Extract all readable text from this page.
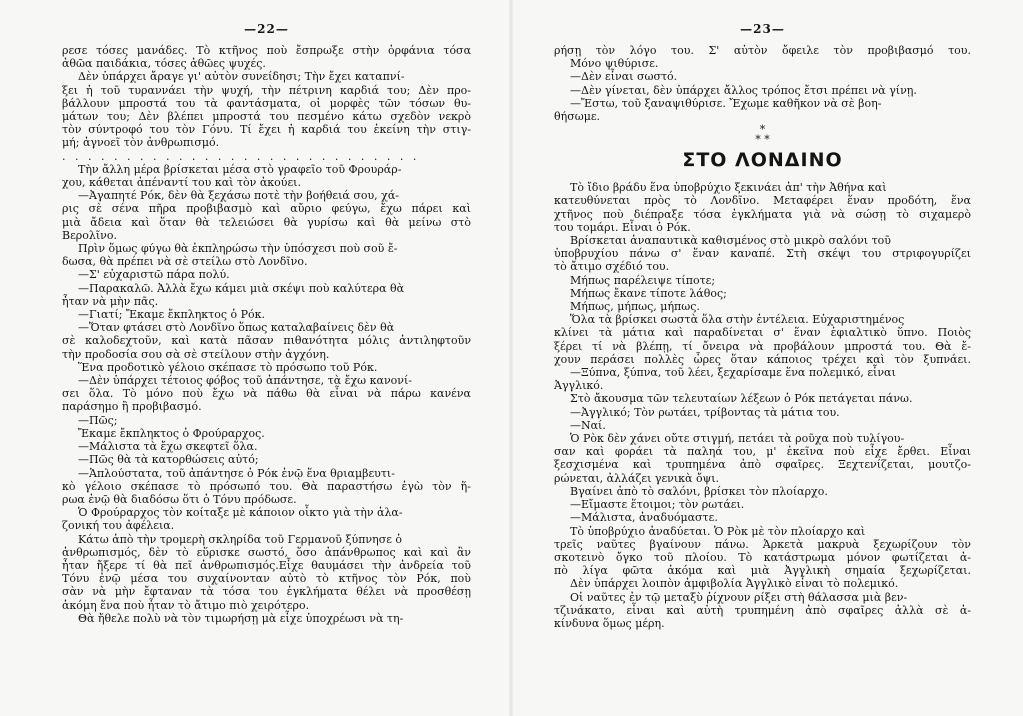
—22—
ρεσε τόσες μανάδες. Τὸ κτῆνος ποὺ ἔσπρωξε στὴν ὀρφάνια τόσα
ἀθῶα παιδάκια, τόσες ἀθῶες ψυχές.
Δὲν ὑπάρχει ἄραγε γι' αὐτὸν συνείδησι; Τὴν ἔχει καταπνί-
ξει ἡ τοῦ τυραννάει τὴν ψυχή, τὴν πέτρινη καρδιά του; Δὲν προ-
βάλλουν μπροστά του τὰ φαντάσματα, οἱ μορφὲς τῶν τόσων θυ-
μάτων του; Δὲν βλέπει μπροστά του πεσμένο κάτω σχεδὸν νεκρὸ
τὸν σύντροφό του τὸν Γόνυ. Τί ἔχει ἡ καρδιά του ἐκείνη τὴν στιγ-
μή; ἀγνοεῖ τὸν ἀνθρωπισμό.
. . . . . . . . . . . . . . . . . . . . . . . . . . . .
Τὴν ἄλλη μέρα βρίσκεται μέσα στὸ γραφεῖο τοῦ Φρουράρ-
χου, κάθεται ἀπέναντί του καὶ τὸν ἀκούει.
—Ἀγαπητέ Ρόκ, δὲν θὰ ξεχάσω ποτὲ τὴν βοήθειά σου, χά-
ρις σὲ σένα πῆρα προβιβασμὸ καὶ αὔριο φεύγω, ἔχω πάρει καὶ
μιὰ ἄδεια καὶ ὅταν θὰ τελειώσει θὰ γυρίσω καὶ θὰ μείνω στὸ
Βερολῖνο.
Πρὶν ὅμως φύγω θὰ ἐκπληρώσω τὴν ὑπόσχεσι ποὺ σοῦ ἔ-
δωσα, θὰ πρέπει νὰ σὲ στείλω στὸ Λονδῖνο.
—Σ' εὐχαριστῶ πάρα πολύ.
—Παρακαλῶ. Ἀλλὰ ἔχω κάμει μιὰ σκέψι ποὺ καλύτερα θὰ
ἦταν νὰ μὴν πᾶς.
—Γιατί; Ἔκαμε ἔκπληκτος ὁ Ρόκ.
—Ὅταν φτάσει στὸ Λονδῖνο ὅπως καταλαβαίνεις δὲν θὰ
σὲ καλοδεχτοῦν, καὶ κατὰ πᾶσαν πιθανότητα μόλις ἀντιληφτοῦν
τὴν προδοσία σου σὰ σὲ στείλουν στὴν ἀγχόνη.
Ἕνα προδοτικὸ γέλοιο σκέπασε τὸ πρόσωπο τοῦ Ρόκ.
—Δὲν ὑπάρχει τέτοιος φόβος τοῦ ἀπάντησε, τὰ ἔχω κανονί-
σει ὅλα. Τὸ μόνο ποὺ ἔχω νὰ πάθω θὰ εἶναι νὰ πάρω κανένα
παράσημο ἢ προβιβασμό.
—Πῶς;
Ἔκαμε ἔκπληκτος ὁ Φρούραρχος.
—Μάλιστα τὰ ἔχω σκεφτεῖ ὅλα.
—Πῶς θὰ τὰ κατορθώσεις αὐτό;
—Ἁπλούστατα, τοῦ ἀπάντησε ὁ Ρόκ ἐνῷ ἕνα θριαμβευτι-
κὸ γέλοιο σκέπασε τὸ πρόσωπό του. Θὰ παραστήσω ἐγὼ τὸν ἥ-
ρωα ἐνῷ θὰ διαδόσω ὅτι ὁ Τόνυ πρόδωσε.
Ὁ Φρούραρχος τὸν κοίταξε μὲ κάποιον οἶκτο γιὰ τὴν ἀλα-
ζονική του ἀφέλεια.
Κάτω ἀπὸ τὴν τρομερὴ σκληρίδα τοῦ Γερμανοῦ ξύπνησε ὁ
ἀνθρωπισμός, δὲν τὸ εὕρισκε σωστό, ὅσο ἀπάνθρωπος καὶ καὶ ἂν
ἦταν ἤξερε τί θὰ πεῖ ἀνθρωπισμός.Εἶχε θαυμάσει τὴν ἀνδρεία τοῦ
Τόνυ ἐνῷ μέσα του συχαίνονταν αὐτὸ τὸ κτῆνος τὸν Ρόκ, ποὺ
σὰν νὰ μὴν ἔφταναν τὰ τόσα του ἐγκλήματα θέλει νὰ προσθέσῃ
ἀκόμη ἕνα ποὺ ἦταν τὸ ἄτιμο πιὸ χειρότερο.
Θὰ ἤθελε πολὺ νὰ τὸν τιμωρήσῃ μὰ εἶχε ὑποχρέωσι νὰ τη-
—23—
ρήσῃ τὸν λόγο του. Σ' αὐτὸν ὄφειλε τὸν προβιβασμό του.
Μόνο ψιθύρισε.
—Δὲν εἶναι σωστό.
—Δὲν γίνεται, δὲν ὑπάρχει ἄλλος τρόπος ἔτσι πρέπει νὰ γίνῃ.
—Ἔστω, τοῦ ξαναψιθύρισε. Ἔχωμε καθῆκον νὰ σὲ βοη-
θήσωμε.
*
* *
ΣΤΟ ΛΟΝΔΙΝΟ
Τὸ ἴδιο βράδυ ἕνα ὑποβρύχιο ξεκινάει ἀπ' τὴν Ἀθήνα καὶ
κατευθύνεται πρὸς τὸ Λονδῖνο. Μεταφέρει ἕναν προδότη, ἕνα
χτῆνος ποὺ διέπραξε τόσα ἐγκλήματα γιὰ νὰ σώσῃ τὸ σιχαμερὸ
του τομάρι. Εἶναι ὁ Ρόκ.
Βρίσκεται ἀναπαυτικὰ καθισμένος στὸ μικρὸ σαλόνι τοῦ
ὑποβρυχίου πάνω σ' ἕναν καναπέ. Στὴ σκέψι του στριφογυρίζει
τὸ ἄτιμο σχέδιό του.
Μήπως παρέλειψε τίποτε;
Μήπως ἔκανε τίποτε λάθος;
Μήπως, μήπως, μήπως.
Ὅλα τὰ βρίσκει σωστὰ ὅλα στὴν ἐντέλεια. Εὐχαριστημένος
κλίνει τὰ μάτια καὶ παραδίνεται σ' ἕναν ἐφιαλτικὸ ὕπνο. Ποιὸς
ξέρει τί νὰ βλέπῃ, τί ὄνειρα νὰ προβάλουν μπροστά του. Θὰ ἔ-
χουν περάσει πολλὲς ὧρες ὅταν κάποιος τρέχει καὶ τὸν ξυπνάει.
—Ξύπνα, ξύπνα, τοῦ λέει, ξεχαρίσαμε ἕνα πολεμικό, εἶναι
Ἀγγλικό.
Στὸ ἄκουσμα τῶν τελευταίων λέξεων ὁ Ρόκ πετάγεται πάνω.
—Ἀγγλικό; Τὸν ρωτάει, τρίβοντας τὰ μάτια του.
—Ναί.
Ὁ Ρὸκ δὲν χάνει οὔτε στιγμή, πετάει τὰ ροῦχα ποὺ τυλίγου-
σαν καὶ φοράει τὰ παληά του, μ' ἐκεῖνα ποὺ εἶχε ἔρθει. Εἶναι
ξεσχισμένα καὶ τρυπημένα ἀπὸ σφαῖρες. Ξεχτενίζεται, μουτζο-
ρώνεται, ἀλλάζει γενικὰ ὄψι.
Βγαίνει ἀπὸ τὸ σαλόνι, βρίσκει τὸν πλοίαρχο.
—Εἴμαστε ἕτοιμοι; τὸν ρωτάει.
—Μάλιστα, ἀναδυόμαστε.
Τὸ ὑποβρύχιο ἀναδύεται. Ὁ Ρὸκ μὲ τὸν πλοίαρχο καὶ
τρεῖς ναῦτες βγαίνουν πάνω. Ἀρκετὰ μακρυὰ ξεχωρίζουν τὸν
σκοτεινὸ ὄγκο τοῦ πλοίου. Τὸ κατάστρωμα μόνον φωτίζεται ἀ-
πὸ λίγα φῶτα ἀκόμα καὶ μιὰ Ἀγγλικὴ σημαία ξεχωρίζεται.
Δὲν ὑπάρχει λοιπὸν ἀμφιβολία Ἀγγλικὸ εἶναι τὸ πολεμικό.
Οἱ ναῦτες ἐν τῷ μεταξὺ ῥίχνουν ρίξει στὴ θάλασσα μιὰ βεν-
τζινάκατο, εἶναι καὶ αὐτὴ τρυπημένη ἀπὸ σφαῖρες ἀλλὰ σὲ ἀ-
κίνδυνα ὅμως μέρη.
